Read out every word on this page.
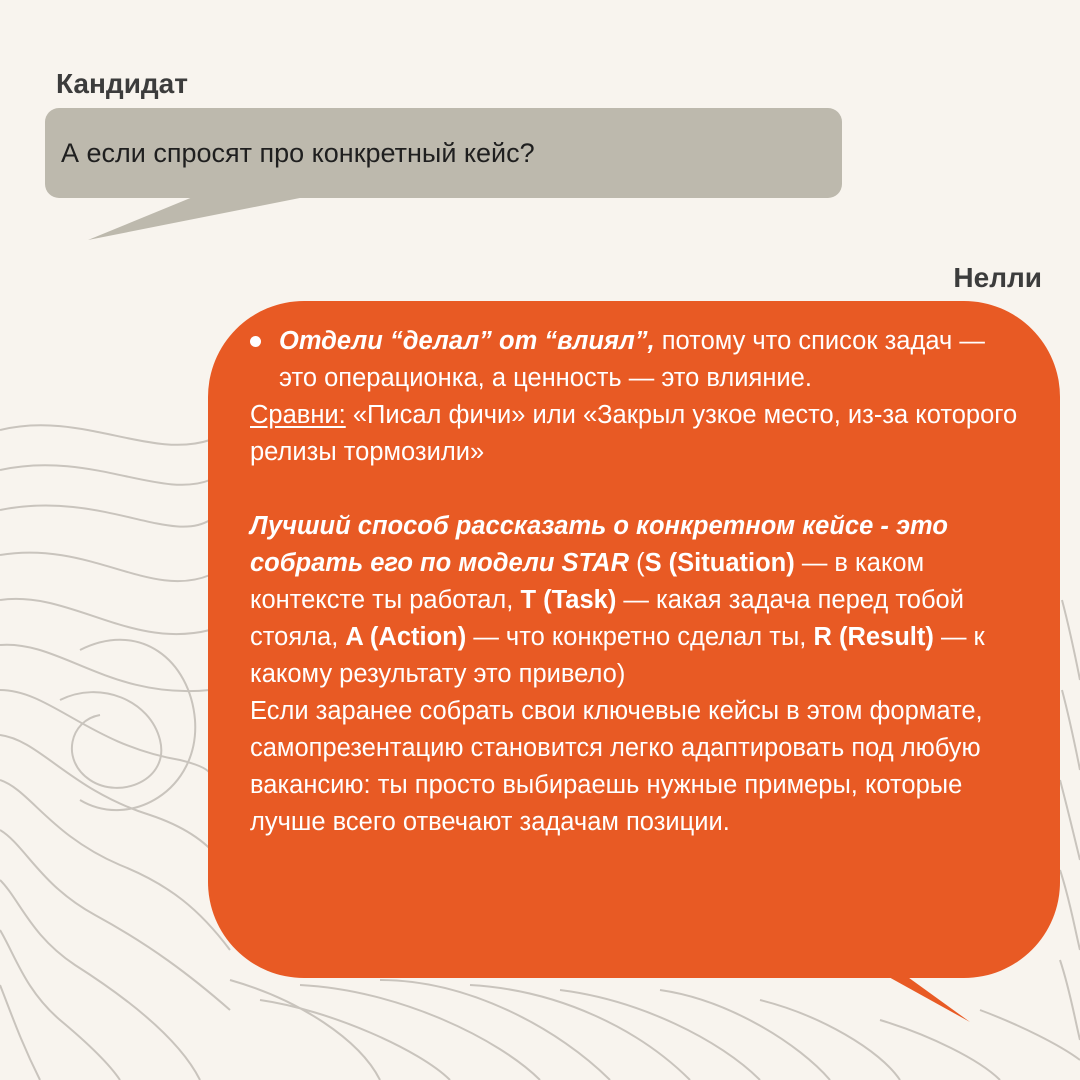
Кандидат
А если спросят про конкретный кейс?
Нелли

Отдели “делал” от “влиял”, потому что список задач — это операционка, а ценность — это влияние.

Сравни: «Писал фичи» или «Закрыл узкое место, из-за которого релизы тормозили»

Лучший способ рассказать о конкретном кейсе - это собрать его по модели STAR (S (Situation) — в каком контексте ты работал, T (Task) — какая задача перед тобой стояла, A (Action) — что конкретно сделал ты, R (Result) — к какому результату это привело)

Если заранее собрать свои ключевые кейсы в этом формате, самопрезентацию становится легко адаптировать под любую вакансию: ты просто выбираешь нужные примеры, которые лучше всего отвечают задачам позиции.
